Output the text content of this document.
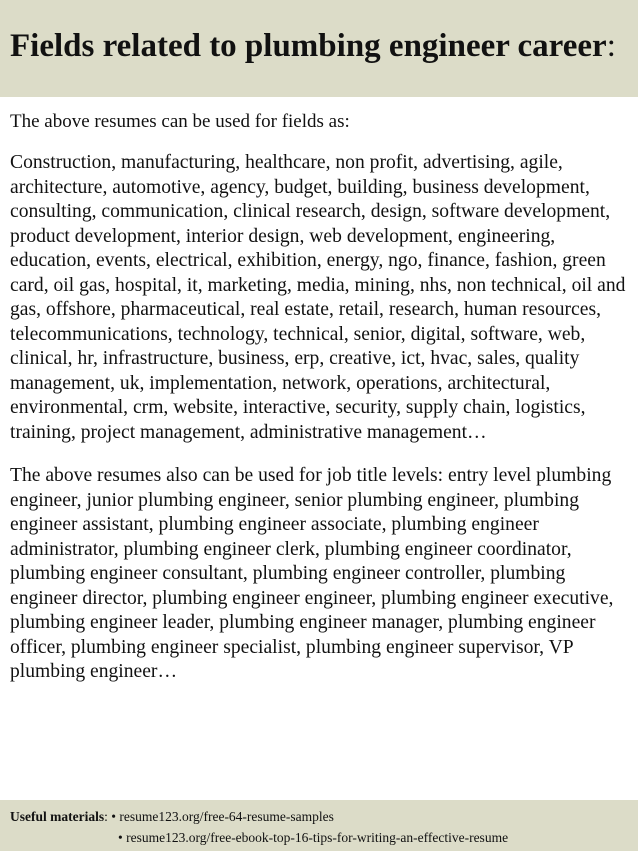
Fields related to plumbing engineer career:

The above resumes can be used for fields as:

Construction, manufacturing, healthcare, non profit, advertising, agile, architecture, automotive, agency, budget, building, business development, consulting, communication, clinical research, design, software development, product development, interior design, web development, engineering, education, events, electrical, exhibition, energy, ngo, finance, fashion, green card, oil gas, hospital, it, marketing, media, mining, nhs, non technical, oil and gas, offshore, pharmaceutical, real estate, retail, research, human resources, telecommunications, technology, technical, senior, digital, software, web, clinical, hr, infrastructure, business, erp, creative, ict, hvac, sales, quality management, uk, implementation, network, operations, architectural, environmental, crm, website, interactive, security, supply chain, logistics, training, project management, administrative management…

The above resumes also can be used for job title levels: entry level plumbing engineer, junior plumbing engineer, senior plumbing engineer, plumbing engineer assistant, plumbing engineer associate, plumbing engineer administrator, plumbing engineer clerk, plumbing engineer coordinator, plumbing engineer consultant, plumbing engineer controller, plumbing engineer director, plumbing engineer engineer, plumbing engineer executive, plumbing engineer leader, plumbing engineer manager, plumbing engineer officer, plumbing engineer specialist, plumbing engineer supervisor, VP plumbing engineer…

Useful materials: • resume123.org/free-64-resume-samples
• resume123.org/free-ebook-top-16-tips-for-writing-an-effective-resume
